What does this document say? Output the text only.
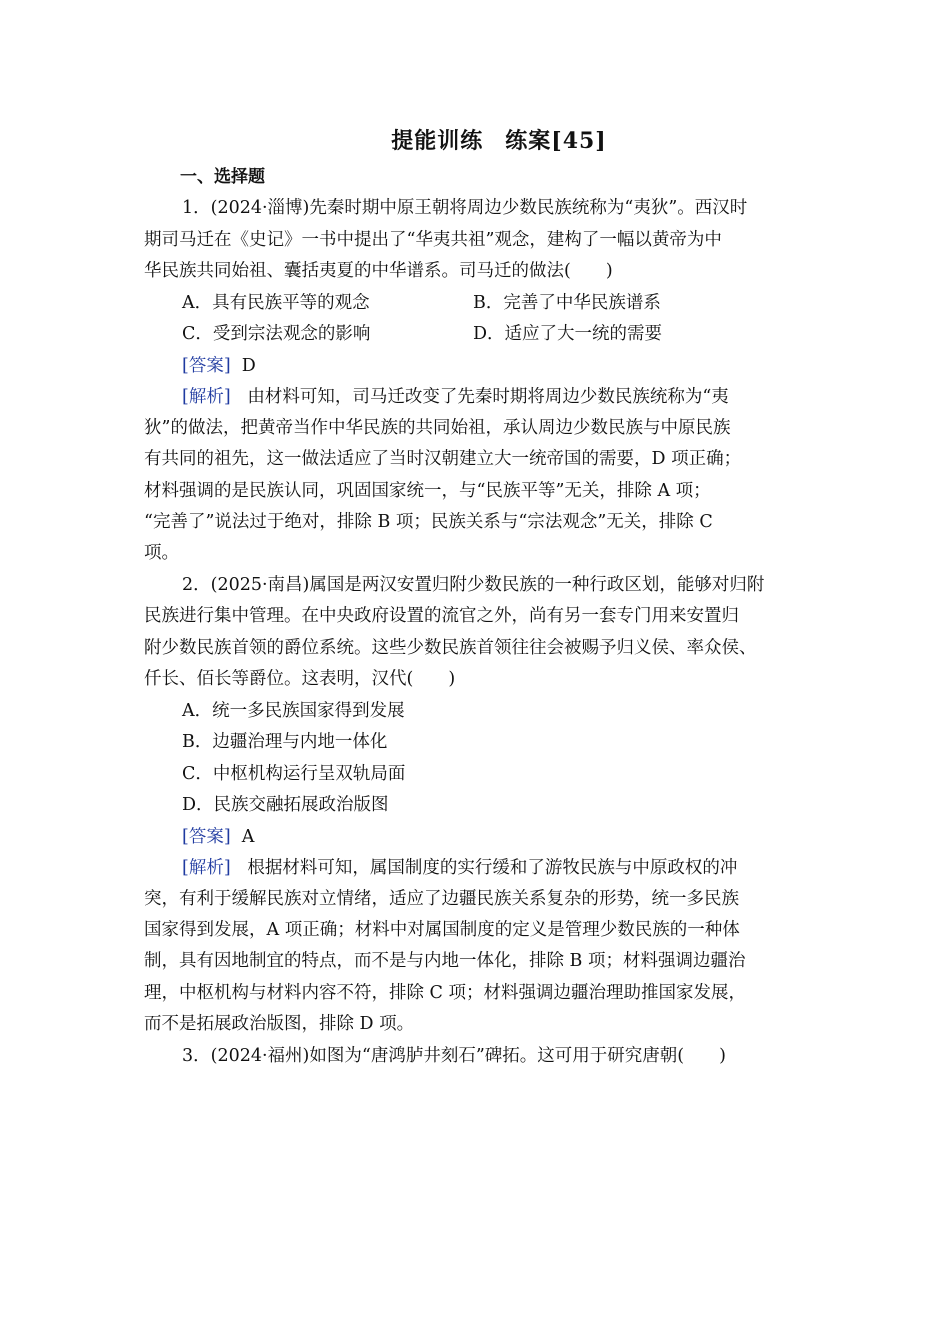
提能训练 练案[45]
一、选择题
1．(2024·淄博)先秦时期中原王朝将周边少数民族统称为“夷狄”。西汉时
期司马迁在《史记》一书中提出了“华夷共祖”观念，建构了一幅以黄帝为中
华民族共同始祖、囊括夷夏的中华谱系。司马迁的做法(　　)
A．具有民族平等的观念	B．完善了中华民族谱系
C．受到宗法观念的影响	D．适应了大一统的需要
[答案] D
[解析] 由材料可知，司马迁改变了先秦时期将周边少数民族统称为“夷
狄”的做法，把黄帝当作中华民族的共同始祖，承认周边少数民族与中原民族
有共同的祖先，这一做法适应了当时汉朝建立大一统帝国的需要，D 项正确；
材料强调的是民族认同，巩固国家统一，与“民族平等”无关，排除 A 项；
“完善了”说法过于绝对，排除 B 项；民族关系与“宗法观念”无关，排除 C
项。
2．(2025·南昌)属国是两汉安置归附少数民族的一种行政区划，能够对归附
民族进行集中管理。在中央政府设置的流官之外，尚有另一套专门用来安置归
附少数民族首领的爵位系统。这些少数民族首领往往会被赐予归义侯、率众侯、
仟长、佰长等爵位。这表明，汉代(　　)
A．统一多民族国家得到发展
B．边疆治理与内地一体化
C．中枢机构运行呈双轨局面
D．民族交融拓展政治版图
[答案] A
[解析] 根据材料可知，属国制度的实行缓和了游牧民族与中原政权的冲
突，有利于缓解民族对立情绪，适应了边疆民族关系复杂的形势，统一多民族
国家得到发展，A 项正确；材料中对属国制度的定义是管理少数民族的一种体
制，具有因地制宜的特点，而不是与内地一体化，排除 B 项；材料强调边疆治
理，中枢机构与材料内容不符，排除 C 项；材料强调边疆治理助推国家发展，
而不是拓展政治版图，排除 D 项。
3．(2024·福州)如图为“唐鸿胪井刻石”碑拓。这可用于研究唐朝(　　)
